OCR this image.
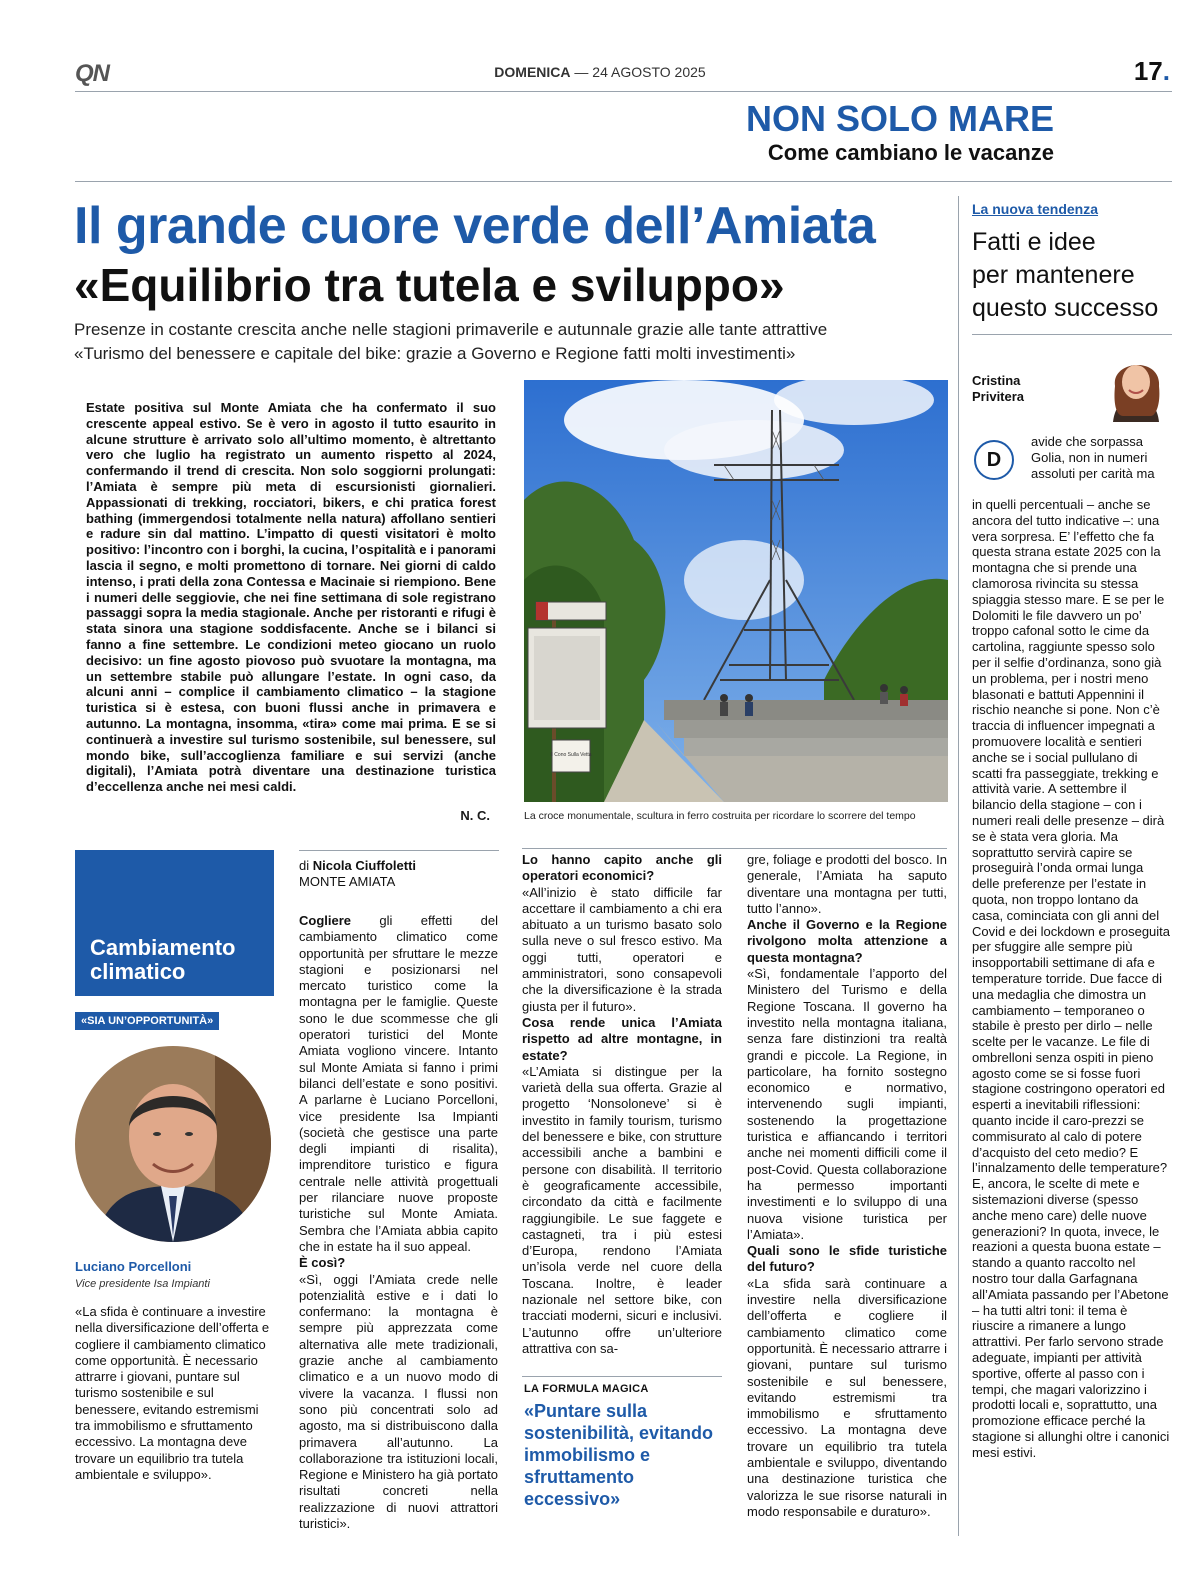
QN	DOMENICA — 24 AGOSTO 2025	17.
NON SOLO MARE
Come cambiano le vacanze
Il grande cuore verde dell’Amiata
«Equilibrio tra tutela e sviluppo»
Presenze in costante crescita anche nelle stagioni primaverile e autunnale grazie alle tante attrattive
«Turismo del benessere e capitale del bike: grazie a Governo e Regione fatti molti investimenti»
Estate positiva sul Monte Amiata che ha confermato il suo crescente appeal estivo. Se è vero in agosto il tutto esaurito in alcune strutture è arrivato solo all’ultimo momento, è altrettanto vero che luglio ha registrato un aumento rispetto al 2024, confermando il trend di crescita. Non solo soggiorni prolungati: l’Amiata è sempre più meta di escursionisti giornalieri. Appassionati di trekking, rocciatori, bikers, e chi pratica forest bathing (immergendosi totalmente nella natura) affollano sentieri e radure sin dal mattino. L’impatto di questi visitatori è molto positivo: l’incontro con i borghi, la cucina, l’ospitalità e i panorami lascia il segno, e molti promettono di tornare. Nei giorni di caldo intenso, i prati della zona Contessa e Macinaie si riempiono. Bene i numeri delle seggiovie, che nei fine settimana di sole registrano passaggi sopra la media stagionale. Anche per ristoranti e rifugi è stata sinora una stagione soddisfacente. Anche se i bilanci si fanno a fine settembre. Le condizioni meteo giocano un ruolo decisivo: un fine agosto piovoso può svuotare la montagna, ma un settembre stabile può allungare l’estate. In ogni caso, da alcuni anni – complice il cambiamento climatico – la stagione turistica si è estesa, con buoni flussi anche in primavera e autunno. La montagna, insomma, «tira» come mai prima. E se si continuerà a investire sul turismo sostenibile, sul benessere, sul mondo bike, sull’accoglienza familiare e sui servizi (anche digitali), l’Amiata potrà diventare una destinazione turistica d’eccellenza anche nei mesi caldi.
N. C.
Il Cono Sulla Vetta
La croce monumentale, scultura in ferro costruita per ricordare lo scorrere del tempo
Cambiamento
climatico
«SIA UN’OPPORTUNITÀ»
Luciano Porcelloni
Vice presidente Isa Impianti
«La sfida è continuare a investire nella diversificazione dell’offerta e cogliere il cambiamento climatico come opportunità. È necessario attrarre i giovani, puntare sul turismo sostenibile e sul benessere, evitando estremismi tra immobilismo e sfruttamento eccessivo. La montagna deve trovare un equilibrio tra tutela ambientale e sviluppo».
di Nicola Ciuffoletti
MONTE AMIATA

Cogliere gli effetti del cambiamento climatico come opportunità per sfruttare le mezze stagioni e posizionarsi nel mercato turistico come la montagna per le famiglie. Queste sono le due scommesse che gli operatori turistici del Monte Amiata vogliono vincere. Intanto sul Monte Amiata si fanno i primi bilanci dell’estate e sono positivi. A parlarne è Luciano Porcelloni, vice presidente Isa Impianti (società che gestisce una parte degli impianti di risalita), imprenditore turistico e figura centrale nelle attività progettuali per rilanciare nuove proposte turistiche sul Monte Amiata. Sembra che l’Amiata abbia capito che in estate ha il suo appeal.

È così?

«Sì, oggi l’Amiata crede nelle potenzialità estive e i dati lo confermano: la montagna è sempre più apprezzata come alternativa alle mete tradizionali, grazie anche al cambiamento climatico e a un nuovo modo di vivere la vacanza. I flussi non sono più concentrati solo ad agosto, ma si distribuiscono dalla primavera all’autunno. La collaborazione tra istituzioni locali, Regione e Ministero ha già portato risultati concreti nella realizzazione di nuovi attrattori turistici».

Lo hanno capito anche gli operatori economici?

«All’inizio è stato difficile far accettare il cambiamento a chi era abituato a un turismo basato solo sulla neve o sul fresco estivo. Ma oggi tutti, operatori e amministratori, sono consapevoli che la diversificazione è la strada giusta per il futuro».

Cosa rende unica l’Amiata rispetto ad altre montagne, in estate?

«L’Amiata si distingue per la varietà della sua offerta. Grazie al progetto ‘Nonsoloneve’ si è investito in family tourism, turismo del benessere e bike, con strutture accessibili anche a bambini e persone con disabilità. Il territorio è geograficamente accessibile, circondato da città e facilmente raggiungibile. Le sue faggete e castagneti, tra i più estesi d’Europa, rendono l’Amiata un’isola verde nel cuore della Toscana. Inoltre, è leader nazionale nel settore bike, con tracciati moderni, sicuri e inclusivi. L’autunno offre un’ulteriore attrattiva con sa-

LA FORMULA MAGICA
«Puntare sulla sostenibilità, evitando immobilismo e sfruttamento eccessivo»

gre, foliage e prodotti del bosco. In generale, l’Amiata ha saputo diventare una montagna per tutti, tutto l’anno».

Anche il Governo e la Regione rivolgono molta attenzione a questa montagna?

«Sì, fondamentale l’apporto del Ministero del Turismo e della Regione Toscana. Il governo ha investito nella montagna italiana, senza fare distinzioni tra realtà grandi e piccole. La Regione, in particolare, ha fornito sostegno economico e normativo, intervenendo sugli impianti, sostenendo la progettazione turistica e affiancando i territori anche nei momenti difficili come il post-Covid. Questa collaborazione ha permesso importanti investimenti e lo sviluppo di una nuova visione turistica per l’Amiata».

Quali sono le sfide turistiche del futuro?

«La sfida sarà continuare a investire nella diversificazione dell’offerta e cogliere il cambiamento climatico come opportunità. È necessario attrarre i giovani, puntare sul turismo sostenibile e sul benessere, evitando estremismi tra immobilismo e sfruttamento eccessivo. La montagna deve trovare un equilibrio tra tutela ambientale e sviluppo, diventando una destinazione turistica che valorizza le sue risorse naturali in modo responsabile e duraturo».

La nuova tendenza
Fatti e idee
per mantenere
questo successo
Cristina
Privitera
D
avide che sorpassa Golia, non in numeri assoluti per carità ma
in quelli percentuali – anche se ancora del tutto indicative –: una vera sorpresa. E’ l’effetto che fa questa strana estate 2025 con la montagna che si prende una clamorosa rivincita su stessa spiaggia stesso mare. E se per le Dolomiti le file davvero un po’ troppo cafonal sotto le cime da cartolina, raggiunte spesso solo per il selfie d’ordinanza, sono già un problema, per i nostri meno blasonati e battuti Appennini il rischio neanche si pone. Non c’è traccia di influencer impegnati a promuovere località e sentieri anche se i social pullulano di scatti fra passeggiate, trekking e attività varie. A settembre il bilancio della stagione – con i numeri reali delle presenze – dirà se è stata vera gloria. Ma soprattutto servirà capire se proseguirà l’onda ormai lunga delle preferenze per l’estate in quota, non troppo lontano da casa, cominciata con gli anni del Covid e dei lockdown e proseguita per sfuggire alle sempre più insopportabili settimane di afa e temperature torride. Due facce di una medaglia che dimostra un cambiamento – temporaneo o stabile è presto per dirlo – nelle scelte per le vacanze. Le file di ombrelloni senza ospiti in pieno agosto come se si fosse fuori stagione costringono operatori ed esperti a inevitabili riflessioni: quanto incide il caro-prezzi se commisurato al calo di potere d’acquisto del ceto medio? E l’innalzamento delle temperature? E, ancora, le scelte di mete e sistemazioni diverse (spesso anche meno care) delle nuove generazioni? In quota, invece, le reazioni a questa buona estate – stando a quanto raccolto nel nostro tour dalla Garfagnana all’Amiata passando per l’Abetone – ha tutti altri toni: il tema è riuscire a rimanere a lungo attrattivi. Per farlo servono strade adeguate, impianti per attività sportive, offerte al passo con i tempi, che magari valorizzino i prodotti locali e, soprattutto, una promozione efficace perché la stagione si allunghi oltre i canonici mesi estivi.
